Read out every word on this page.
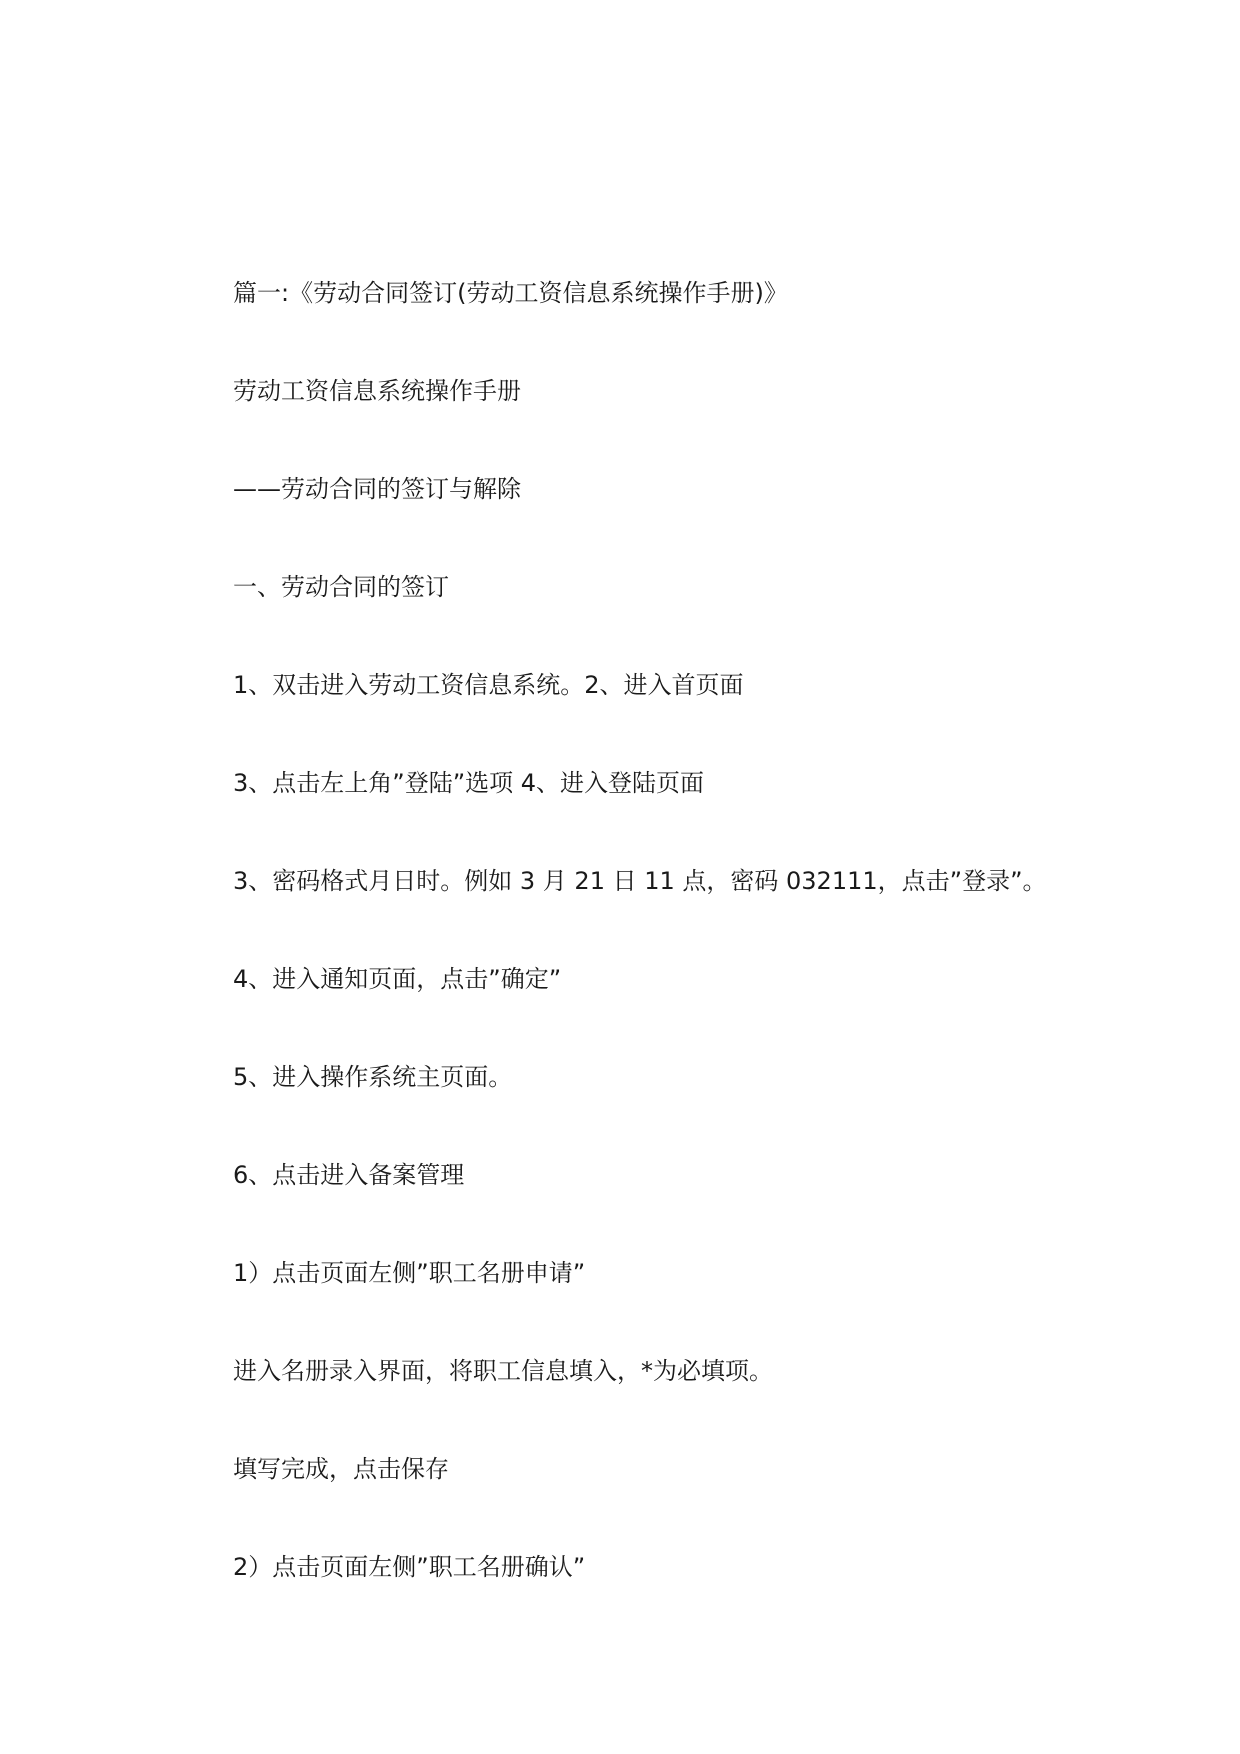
篇一:《劳动合同签订(劳动工资信息系统操作手册)》
劳动工资信息系统操作手册
——劳动合同的签订与解除
一、劳动合同的签订
1、双击进入劳动工资信息系统。2、进入首页面
3、点击左上角”登陆”选项 4、进入登陆页面
3、密码格式月日时。例如 3 月 21 日 11 点，密码 032111，点击”登录”。
4、进入通知页面，点击”确定”
5、进入操作系统主页面。
6、点击进入备案管理
1）点击页面左侧”职工名册申请”
进入名册录入界面，将职工信息填入，*为必填项。
填写完成，点击保存
2）点击页面左侧”职工名册确认”
